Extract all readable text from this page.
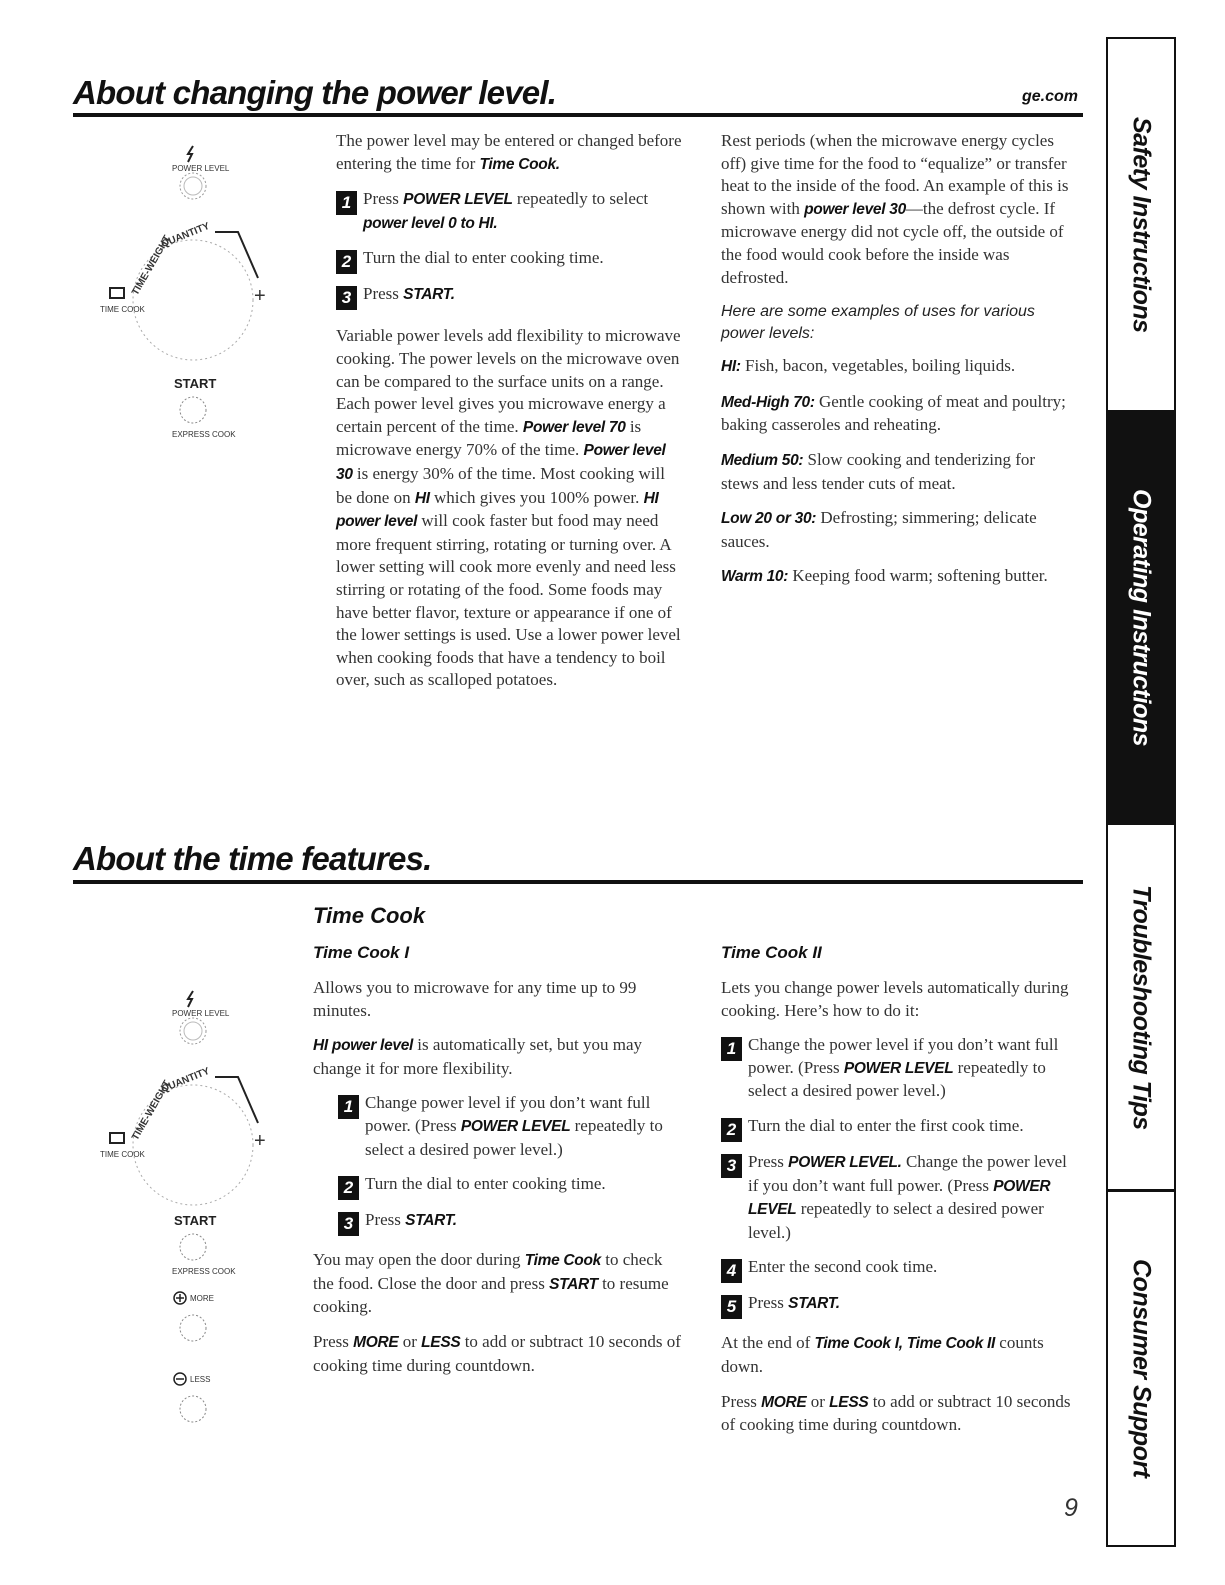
About changing the power level.	ge.com
POWER LEVEL
QUANTITY
TIME-WEIGHT
TIME COOK
+
START
EXPRESS COOK

The power level may be entered or changed before entering the time for Time Cook.

1 Press POWER LEVEL repeatedly to select power level 0 to HI.
2 Turn the dial to enter cooking time.
3 Press START.

Variable power levels add flexibility to microwave cooking. The power levels on the microwave oven can be compared to the surface units on a range. Each power level gives you microwave energy a certain percent of the time. Power level 70 is microwave energy 70% of the time. Power level 30 is energy 30% of the time. Most cooking will be done on HI which gives you 100% power. HI power level will cook faster but food may need more frequent stirring, rotating or turning over. A lower setting will cook more evenly and need less stirring or rotating of the food. Some foods may have better flavor, texture or appearance if one of the lower settings is used. Use a lower power level when cooking foods that have a tendency to boil over, such as scalloped potatoes.

Rest periods (when the microwave energy cycles off) give time for the food to “equalize” or transfer heat to the inside of the food. An example of this is shown with power level 30—the defrost cycle. If microwave energy did not cycle off, the outside of the food would cook before the inside was defrosted.

Here are some examples of uses for various power levels:

HI: Fish, bacon, vegetables, boiling liquids.

Med-High 70: Gentle cooking of meat and poultry; baking casseroles and reheating.

Medium 50: Slow cooking and tenderizing for stews and less tender cuts of meat.

Low 20 or 30: Defrosting; simmering; delicate sauces.

Warm 10: Keeping food warm; softening butter.

About the time features.
POWER LEVEL
QUANTITY
TIME-WEIGHT
TIME COOK
+
START
EXPRESS COOK
MORE
LESS
Time Cook
Time Cook I

Allows you to microwave for any time up to 99 minutes.

HI power level is automatically set, but you may change it for more flexibility.

1 Change power level if you don’t want full power. (Press POWER LEVEL repeatedly to select a desired power level.)
2 Turn the dial to enter cooking time.
3 Press START.

You may open the door during Time Cook to check the food. Close the door and press START to resume cooking.

Press MORE or LESS to add or subtract 10 seconds of cooking time during countdown.

Time Cook II

Lets you change power levels automatically during cooking. Here’s how to do it:

1 Change the power level if you don’t want full power. (Press POWER LEVEL repeatedly to select a desired power level.)
2 Turn the dial to enter the first cook time.
3 Press POWER LEVEL. Change the power level if you don’t want full power. (Press POWER LEVEL repeatedly to select a desired power level.)
4 Enter the second cook time.
5 Press START.

At the end of Time Cook I, Time Cook II counts down.

Press MORE or LESS to add or subtract 10 seconds of cooking time during countdown.

9
Safety Instructions
Operating Instructions
Troubleshooting Tips
Consumer Support
